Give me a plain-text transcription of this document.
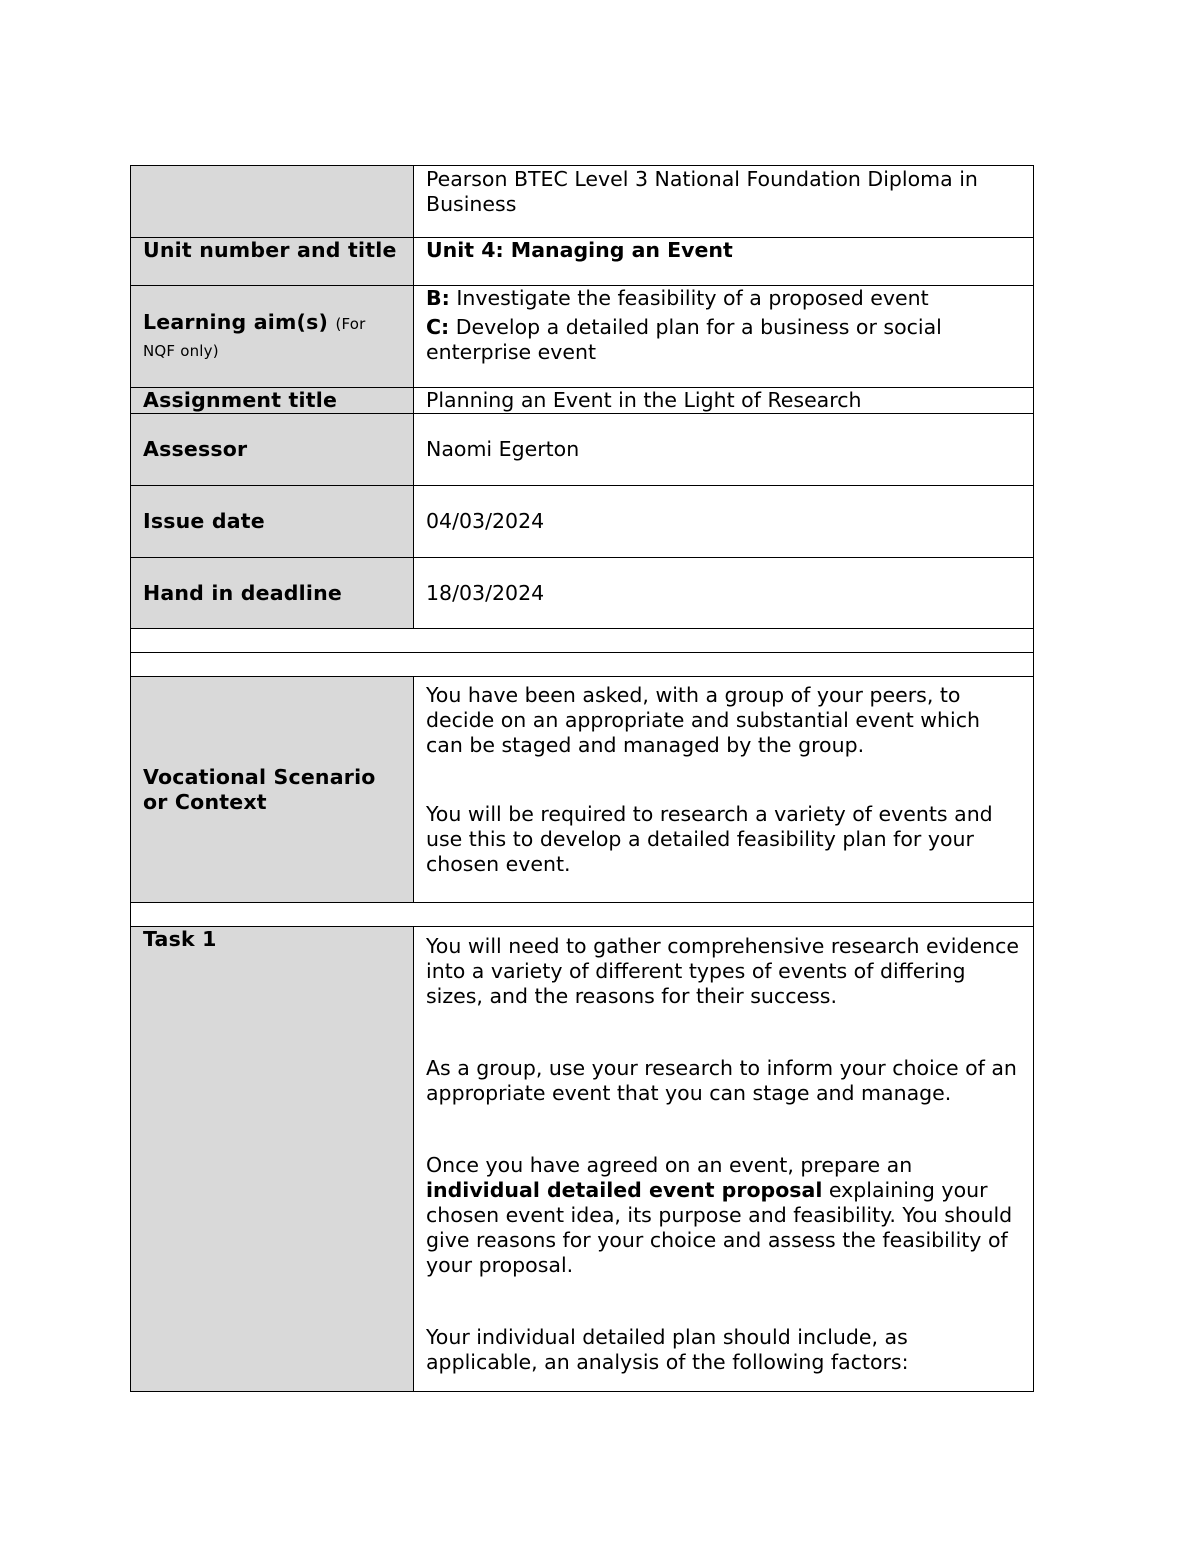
	Pearson BTEC Level 3 National Foundation Diploma in Business
Unit number and title	Unit 4: Managing an Event
Learning aim(s) (For NQF only)	B: Investigate the feasibility of a proposed event
C: Develop a detailed plan for a business or social enterprise event

Assignment title	Planning an Event in the Light of Research
Assessor	Naomi Egerton
Issue date	04/03/2024
Hand in deadline	18/03/2024

Vocational Scenario or Context	You have been asked, with a group of your peers, to decide on an appropriate and substantial event which can be staged and managed by the group.

You will be required to research a variety of events and use this to develop a detailed feasibility plan for your chosen event.

Task 1	You will need to gather comprehensive research evidence into a variety of different types of events of differing sizes, and the reasons for their success.

As a group, use your research to inform your choice of an appropriate event that you can stage and manage.

Once you have agreed on an event, prepare an individual detailed event proposal explaining your chosen event idea, its purpose and feasibility. You should give reasons for your choice and assess the feasibility of your proposal.

Your individual detailed plan should include, as applicable, an analysis of the following factors:
